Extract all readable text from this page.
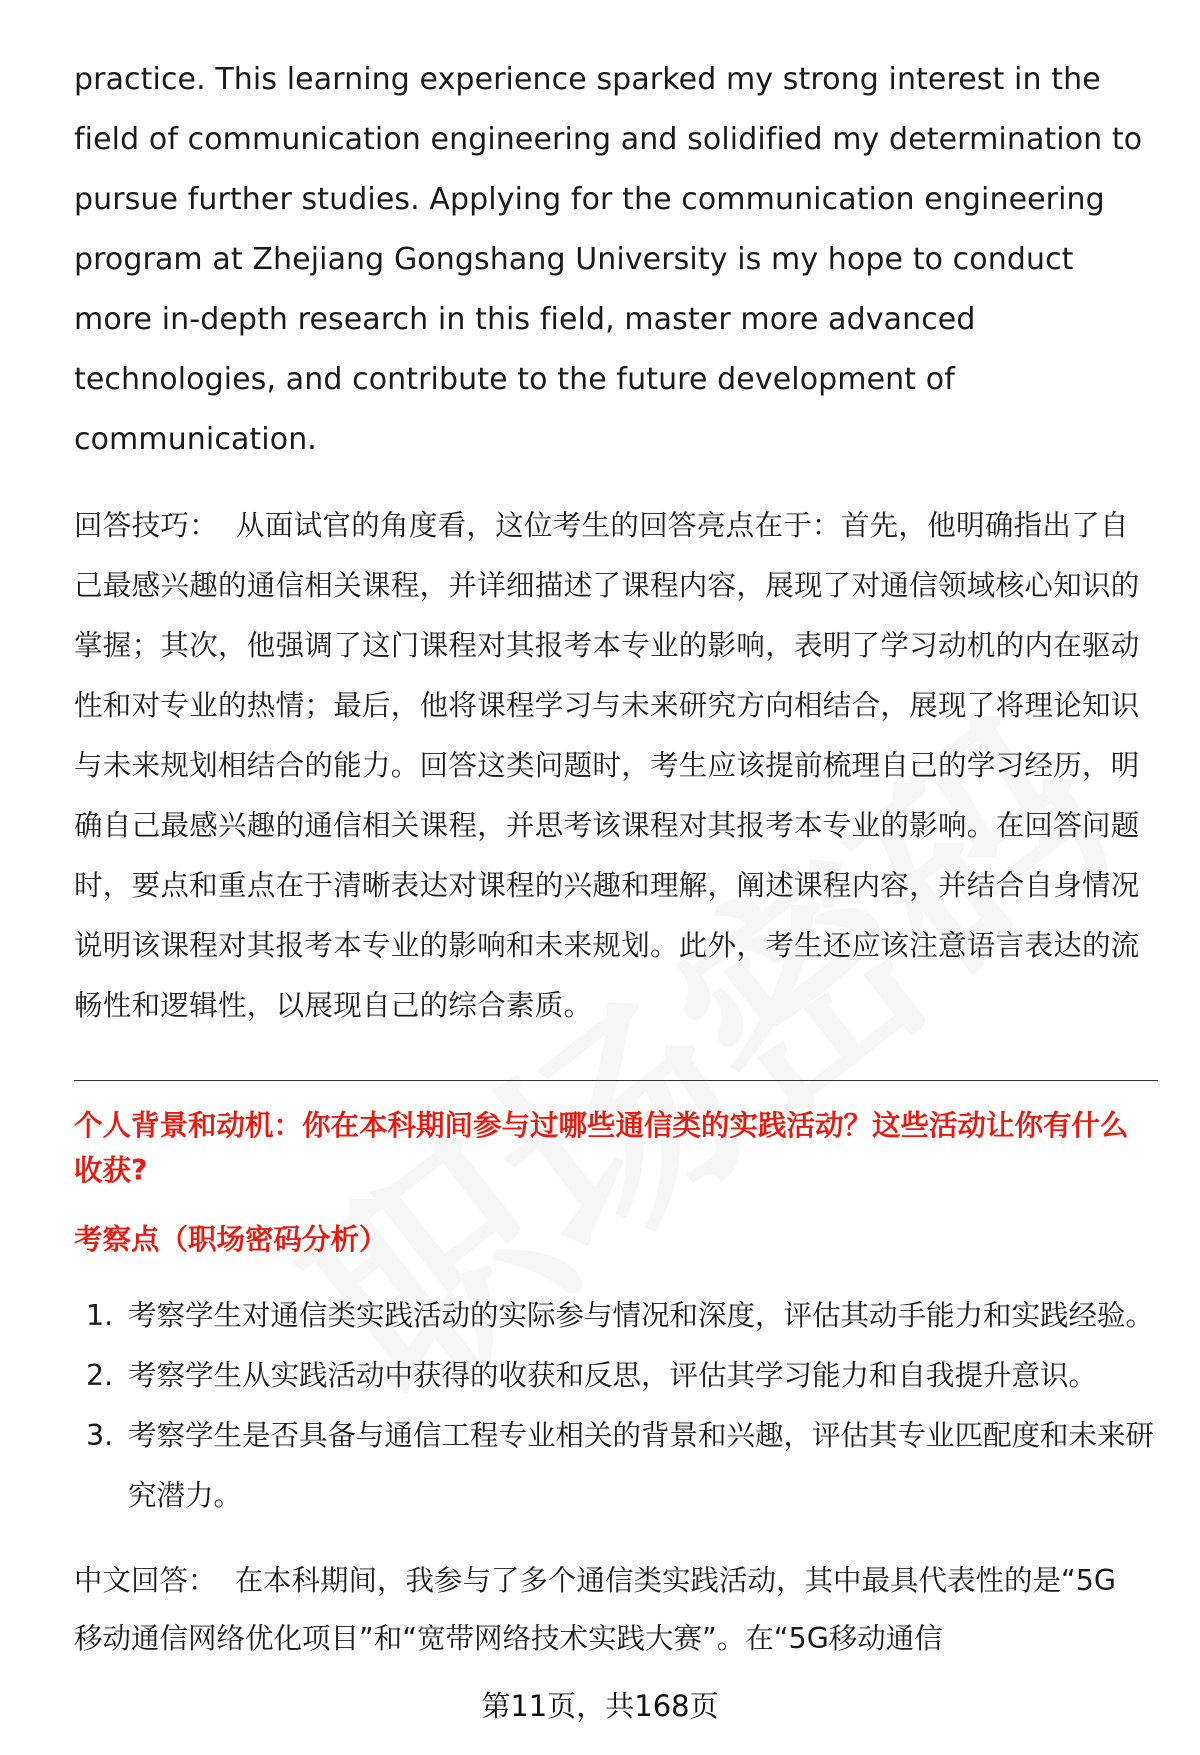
practice. This learning experience sparked my strong interest in the field of communication engineering and solidified my determination to pursue further studies. Applying for the communication engineering program at Zhejiang Gongshang University is my hope to conduct more in-depth research in this field, master more advanced technologies, and contribute to the future development of communication.

回答技巧： 从面试官的角度看，这位考生的回答亮点在于：首先，他明确指出了自己最感兴趣的通信相关课程，并详细描述了课程内容，展现了对通信领域核心知识的掌握；其次，他强调了这门课程对其报考本专业的影响，表明了学习动机的内在驱动性和对专业的热情；最后，他将课程学习与未来研究方向相结合，展现了将理论知识与未来规划相结合的能力。回答这类问题时，考生应该提前梳理自己的学习经历，明确自己最感兴趣的通信相关课程，并思考该课程对其报考本专业的影响。在回答问题时，要点和重点在于清晰表达对课程的兴趣和理解，阐述课程内容，并结合自身情况说明该课程对其报考本专业的影响和未来规划。此外，考生还应该注意语言表达的流畅性和逻辑性，以展现自己的综合素质。

个人背景和动机：你在本科期间参与过哪些通信类的实践活动？这些活动让你有什么收获?

考察点（职场密码分析）

1. 考察学生对通信类实践活动的实际参与情况和深度，评估其动手能力和实践经验。
2. 考察学生从实践活动中获得的收获和反思，评估其学习能力和自我提升意识。
3. 考察学生是否具备与通信工程专业相关的背景和兴趣，评估其专业匹配度和未来研究潜力。

中文回答： 在本科期间，我参与了多个通信类实践活动，其中最具代表性的是“5G移动通信网络优化项目”和“宽带网络技术实践大赛”。在“5G移动通信

第11页，共168页
